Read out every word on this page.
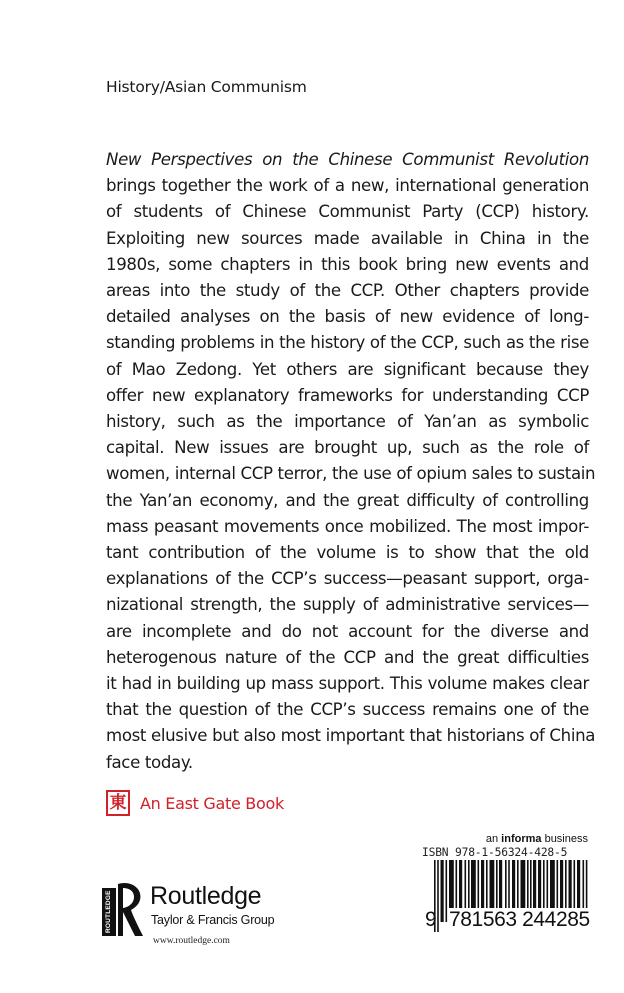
History/Asian Communism
New Perspectives on the Chinese Communist Revolution
brings together the work of a new, international generation
of students of Chinese Communist Party (CCP) history.
Exploiting new sources made available in China in the
1980s, some chapters in this book bring new events and
areas into the study of the CCP. Other chapters provide
detailed analyses on the basis of new evidence of long-
standing problems in the history of the CCP, such as the rise
of Mao Zedong. Yet others are significant because they
offer new explanatory frameworks for understanding CCP
history, such as the importance of Yan’an as symbolic
capital. New issues are brought up, such as the role of
women, internal CCP terror, the use of opium sales to sustain
the Yan’an economy, and the great difficulty of controlling
mass peasant movements once mobilized. The most impor-
tant contribution of the volume is to show that the old
explanations of the CCP’s success—peasant support, orga-
nizational strength, the supply of administrative services—
are incomplete and do not account for the diverse and
heterogenous nature of the CCP and the great difficulties
it had in building up mass support. This volume makes clear
that the question of the CCP’s success remains one of the
most elusive but also most important that historians of China
face today.
東 An East Gate Book
ROUTLEDGE Routledge
Taylor & Francis Group
www.routledge.com
an informa business
ISBN 978-1-56324-428-5
9 781563 244285
